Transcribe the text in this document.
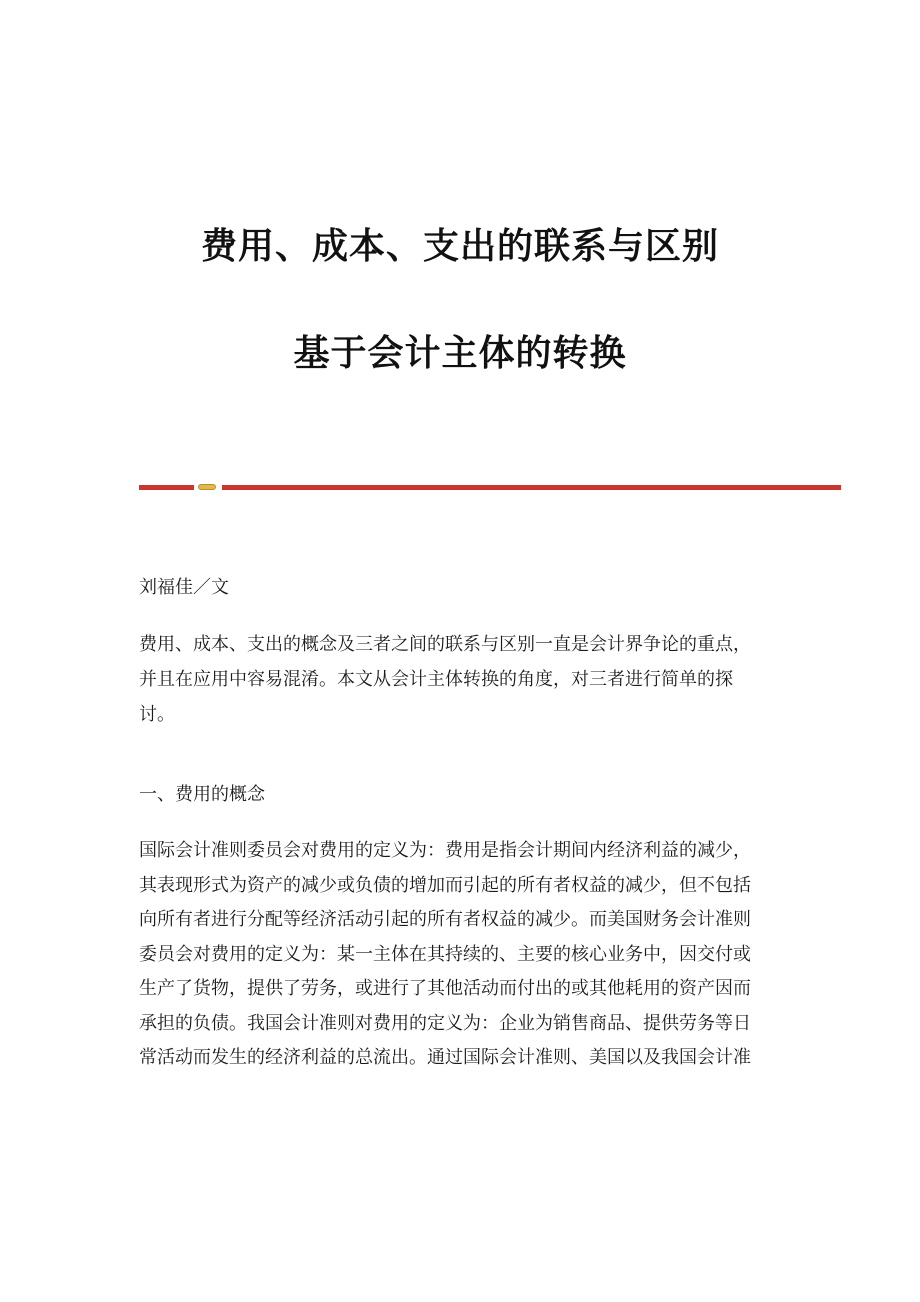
费用、成本、支出的联系与区别
基于会计主体的转换

刘福佳／文

费用、成本、支出的概念及三者之间的联系与区别一直是会计界争论的重点，
并且在应用中容易混淆。本文从会计主体转换的角度，对三者进行简单的探
讨。

一、费用的概念

国际会计准则委员会对费用的定义为：费用是指会计期间内经济利益的减少，
其表现形式为资产的减少或负债的增加而引起的所有者权益的减少，但不包括
向所有者进行分配等经济活动引起的所有者权益的减少。而美国财务会计准则
委员会对费用的定义为：某一主体在其持续的、主要的核心业务中，因交付或
生产了货物，提供了劳务，或进行了其他活动而付出的或其他耗用的资产因而
承担的负债。我国会计准则对费用的定义为：企业为销售商品、提供劳务等日
常活动而发生的经济利益的总流出。通过国际会计准则、美国以及我国会计准
